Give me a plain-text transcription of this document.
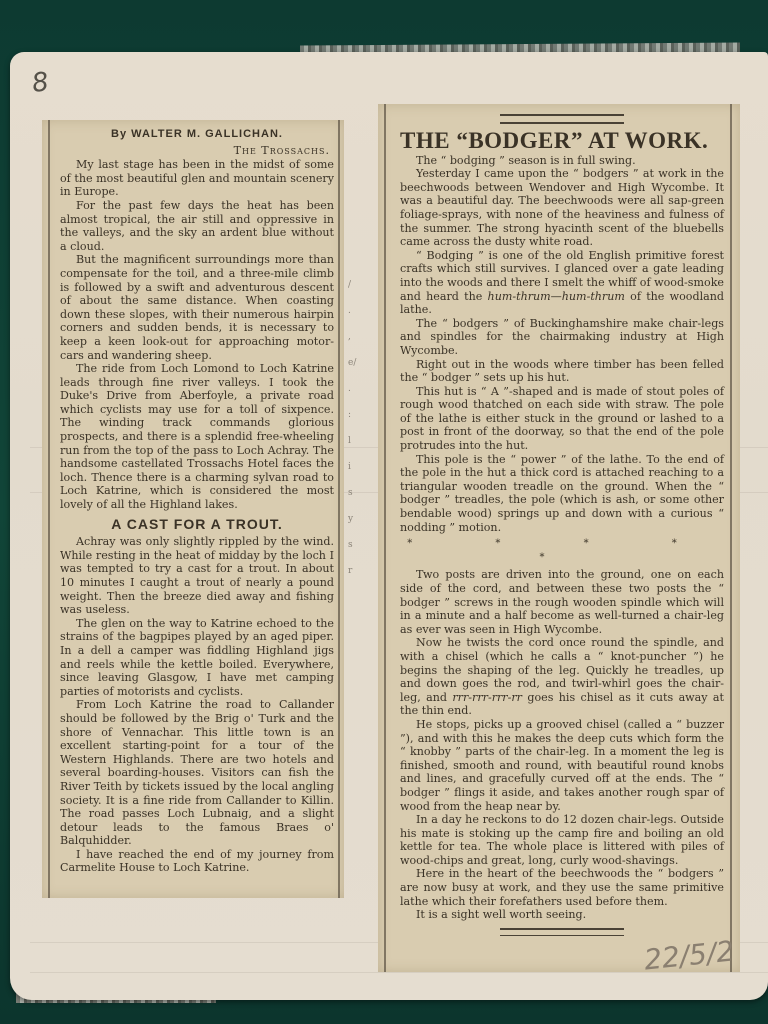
8
/
.
,
e/
.
:
l
i
s
y
s
r
By WALTER M. GALLICHAN.
The Trossachs.

My last stage has been in the midst of some of the most beautiful glen and mountain scenery in Europe.

For the past few days the heat has been almost tropical, the air still and oppressive in the valleys, and the sky an ardent blue without a cloud.

But the magnificent surroundings more than compensate for the toil, and a three-mile climb is followed by a swift and adventurous descent of about the same distance. When coasting down these slopes, with their numerous hairpin corners and sudden bends, it is necessary to keep a keen look-out for approaching motor-cars and wandering sheep.

The ride from Loch Lomond to Loch Katrine leads through fine river valleys. I took the Duke's Drive from Aberfoyle, a private road which cyclists may use for a toll of sixpence. The winding track commands glorious prospects, and there is a splendid free-wheeling run from the top of the pass to Loch Achray. The handsome castellated Trossachs Hotel faces the loch. Thence there is a charming sylvan road to Loch Katrine, which is considered the most lovely of all the Highland lakes.

A CAST FOR A TROUT.

Achray was only slightly rippled by the wind. While resting in the heat of midday by the loch I was tempted to try a cast for a trout. In about 10 minutes I caught a trout of nearly a pound weight. Then the breeze died away and fishing was useless.

The glen on the way to Katrine echoed to the strains of the bagpipes played by an aged piper. In a dell a camper was fiddling Highland jigs and reels while the kettle boiled. Everywhere, since leaving Glasgow, I have met camping parties of motorists and cyclists.

From Loch Katrine the road to Callander should be followed by the Brig o' Turk and the shore of Vennachar. This little town is an excellent starting-point for a tour of the Western Highlands. There are two hotels and several boarding-houses. Visitors can fish the River Teith by tickets issued by the local angling society. It is a fine ride from Callander to Killin. The road passes Loch Lubnaig, and a slight detour leads to the famous Braes o' Balquhidder.

I have reached the end of my journey from Carmelite House to Loch Katrine.

THE “BODGER” AT WORK.

The “ bodging ” season is in full swing.

Yesterday I came upon the “ bodgers ” at work in the beechwoods between Wendover and High Wycombe. It was a beautiful day. The beechwoods were all sap-green foliage-sprays, with none of the heaviness and fulness of the summer. The strong hyacinth scent of the bluebells came across the dusty white road.

“ Bodging ” is one of the old English primitive forest crafts which still survives. I glanced over a gate leading into the woods and there I smelt the whiff of wood-smoke and heard the hum-thrum—hum-thrum of the woodland lathe.

The “ bodgers ” of Buckinghamshire make chair-legs and spindles for the chairmaking industry at High Wycombe.

Right out in the woods where timber has been felled the “ bodger ” sets up his hut.

This hut is “ A ”-shaped and is made of stout poles of rough wood thatched on each side with straw. The pole of the lathe is either stuck in the ground or lashed to a post in front of the doorway, so that the end of the pole protrudes into the hut.

This pole is the “ power ” of the lathe. To the end of the pole in the hut a thick cord is attached reaching to a triangular wooden treadle on the ground. When the “ bodger ” treadles, the pole (which is ash, or some other bendable wood) springs up and down with a curious “ nodding ” motion.

* * * * *

Two posts are driven into the ground, one on each side of the cord, and between these two posts the “ bodger ” screws in the rough wooden spindle which will in a minute and a half become as well-turned a chair-leg as ever was seen in High Wycombe.

Now he twists the cord once round the spindle, and with a chisel (which he calls a “ knot-puncher ”) he begins the shaping of the leg. Quickly he treadles, up and down goes the rod, and twirl-whirl goes the chair-leg, and rrr-rrr-rrr-rr goes his chisel as it cuts away at the thin end.

He stops, picks up a grooved chisel (called a “ buzzer ”), and with this he makes the deep cuts which form the “ knobby ” parts of the chair-leg. In a moment the leg is finished, smooth and round, with beautiful round knobs and lines, and gracefully curved off at the ends. The “ bodger ” flings it aside, and takes another rough spar of wood from the heap near by.

In a day he reckons to do 12 dozen chair-legs. Outside his mate is stoking up the camp fire and boiling an old kettle for tea. The whole place is littered with piles of wood-chips and great, long, curly wood-shavings.

Here in the heart of the beechwoods the “ bodgers ” are now busy at work, and they use the same primitive lathe which their forefathers used before them.

It is a sight well worth seeing.

22/5/2
